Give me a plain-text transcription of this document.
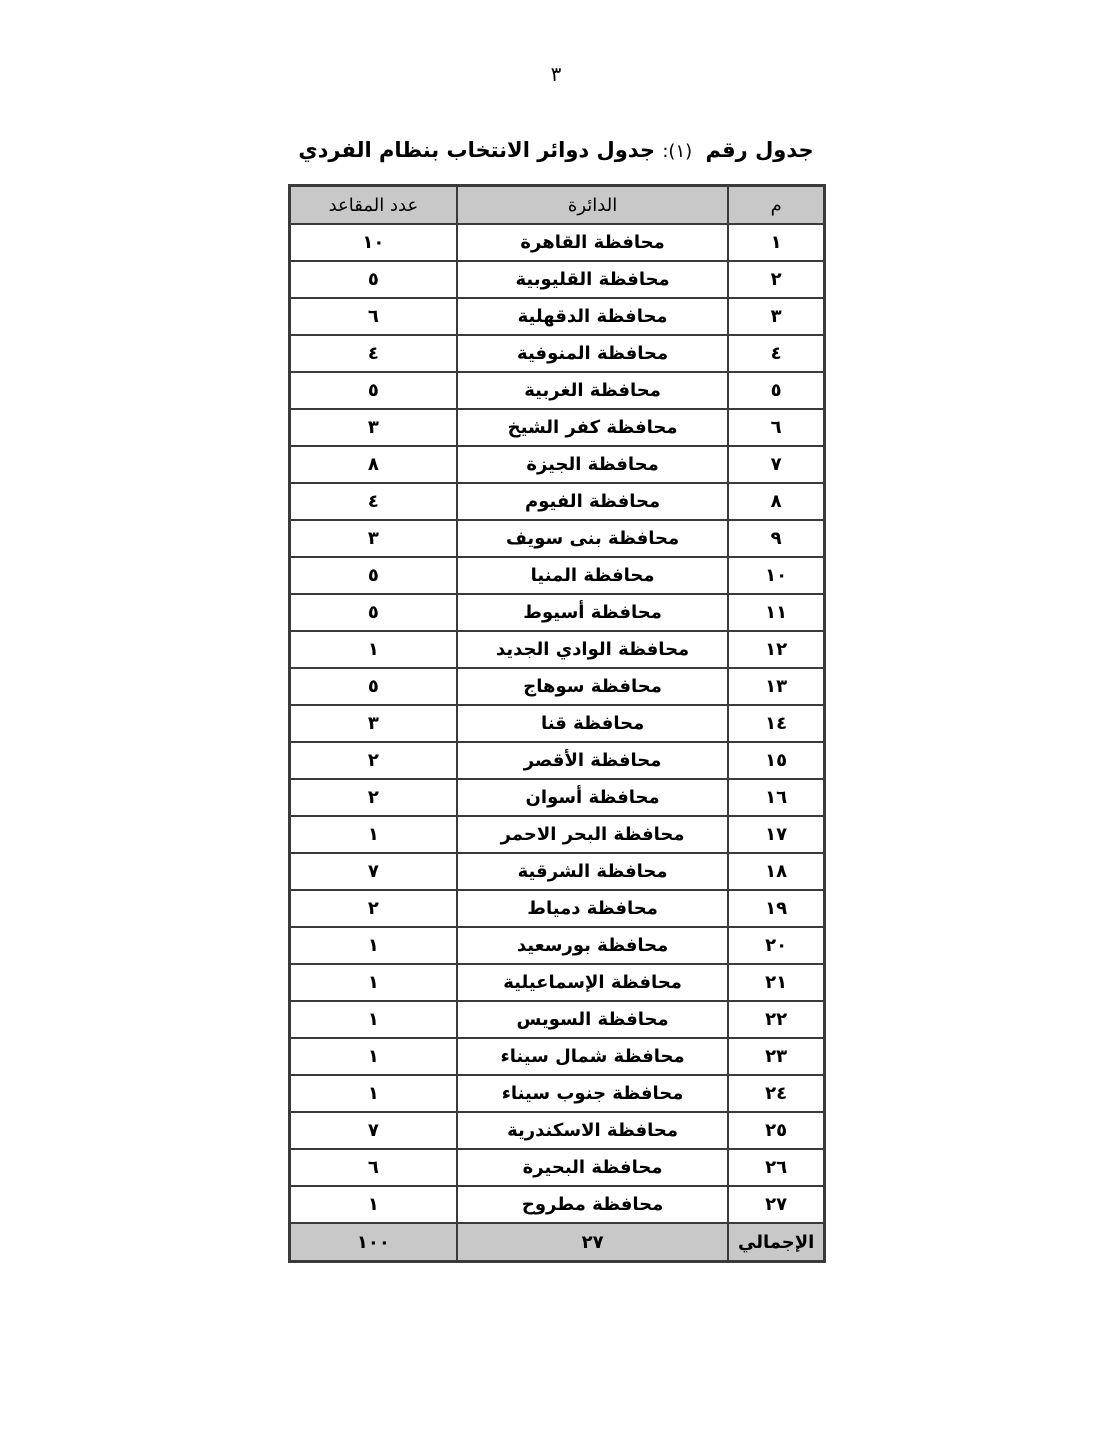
٣
جدول رقم (١): جدول دوائر الانتخاب بنظام الفردي
م	الدائرة	عدد المقاعد
١	محافظة القاهرة	١٠
٢	محافظة القليوبية	٥
٣	محافظة الدقهلية	٦
٤	محافظة المنوفية	٤
٥	محافظة الغربية	٥
٦	محافظة كفر الشيخ	٣
٧	محافظة الجيزة	٨
٨	محافظة الفيوم	٤
٩	محافظة بنى سويف	٣
١٠	محافظة المنيا	٥
١١	محافظة أسيوط	٥
١٢	محافظة الوادي الجديد	١
١٣	محافظة سوهاج	٥
١٤	محافظة قنا	٣
١٥	محافظة الأقصر	٢
١٦	محافظة أسوان	٢
١٧	محافظة البحر الاحمر	١
١٨	محافظة الشرقية	٧
١٩	محافظة دمياط	٢
٢٠	محافظة بورسعيد	١
٢١	محافظة الإسماعيلية	١
٢٢	محافظة السويس	١
٢٣	محافظة شمال سيناء	١
٢٤	محافظة جنوب سيناء	١
٢٥	محافظة الاسكندرية	٧
٢٦	محافظة البحيرة	٦
٢٧	محافظة مطروح	١
الإجمالي	٢٧	١٠٠
